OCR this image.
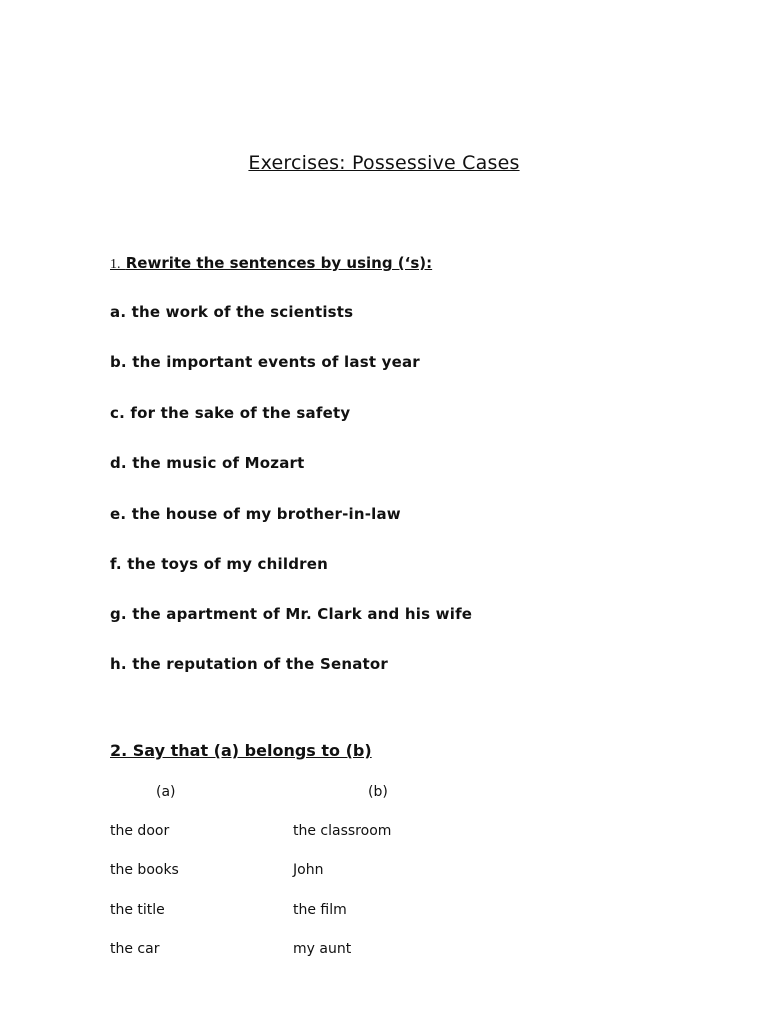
Exercises: Possessive Cases
1. Rewrite the sentences by using (‘s):
a. the work of the scientists
b. the important events of last year
c. for the sake of the safety
d. the music of Mozart
e. the house of my brother-in-law
f. the toys of my children
g. the apartment of Mr. Clark and his wife
h. the reputation of the Senator
2. Say that (a) belongs to (b)
(a)	(b)
the door	the classroom
the books	John
the title	the film
the car	my aunt
